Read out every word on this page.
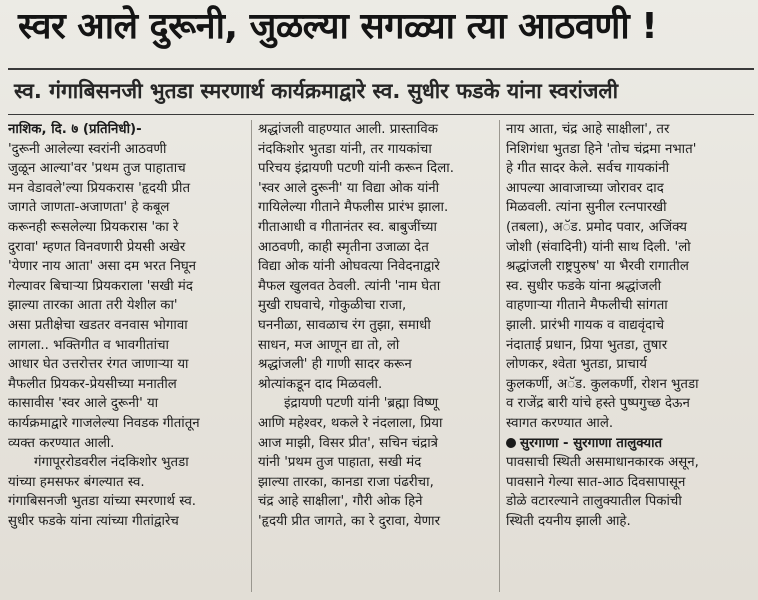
स्वर आले दुरूनी, जुळल्या सगळ्या त्या आठवणी !
स्व. गंगाबिसनजी भुतडा स्मरणार्थ कार्यक्रमाद्वारे स्व. सुधीर फडके यांना स्वरांजली
नाशिक, दि. ७ (प्रतिनिधी)-
'दुरूनी आलेल्या स्वरांनी आठवणी
जुळून आल्या'वर 'प्रथम तुज पाहाताच
मन वेडावले'ल्या प्रियकरास 'हृदयी प्रीत
जागते जाणता-अजाणता' हे कबूल
करूनही रूसलेल्या प्रियकरास 'का रे
दुरावा' म्हणत विनवणारी प्रेयसी अखेर
'येणार नाय आता' असा दम भरत निघून
गेल्यावर बिचाऱ्या प्रियकराला 'सखी मंद
झाल्या तारका आता तरी येशील का'
असा प्रतीक्षेचा खडतर वनवास भोगावा
लागला.. भक्तिगीत व भावगीतांचा
आधार घेत उत्तरोत्तर रंगत जाणाऱ्या या
मैफलीत प्रियकर-प्रेयसीच्या मनातील
कासावीस 'स्वर आले दुरूनी' या
कार्यक्रमाद्वारे गाजलेल्या निवडक गीतांतून
व्यक्त करण्यात आली.
गंगापूररोडवरील नंदकिशोर भुतडा
यांच्या हमसफर बंगल्यात स्व.
गंगाबिसनजी भुतडा यांच्या स्मरणार्थ स्व.
सुधीर फडके यांना त्यांच्या गीतांद्वारेच
श्रद्धांजली वाहण्यात आली. प्रास्ताविक
नंदकिशोर भुतडा यांनी, तर गायकांचा
परिचय इंद्रायणी पटणी यांनी करून दिला.
'स्वर आले दुरूनी' या विद्या ओक यांनी
गायिलेल्या गीताने मैफलीस प्रारंभ झाला.
गीताआधी व गीतानंतर स्व. बाबुजींच्या
आठवणी, काही स्मृतीना उजाळा देत
विद्या ओक यांनी ओघवत्या निवेदनाद्वारे
मैफल खुलवत ठेवली. त्यांनी 'नाम घेता
मुखी राघवाचे, गोकुळीचा राजा,
घननीळा, सावळाच रंग तुझा, समाधी
साधन, मज आणून द्या तो, लो
श्रद्धांजली' ही गाणी सादर करून
श्रोत्यांकडून दाद मिळवली.
इंद्रायणी पटणी यांनी 'ब्रह्मा विष्णू
आणि महेश्वर, थकले रे नंदलाला, प्रिया
आज माझी, विसर प्रीत', सचिन चंद्रात्रे
यांनी 'प्रथम तुज पाहाता, सखी मंद
झाल्या तारका, कानडा राजा पंढरीचा,
चंद्र आहे साक्षीला', गौरी ओक हिने
'हृदयी प्रीत जागते, का रे दुरावा, येणार
नाय आता, चंद्र आहे साक्षीला', तर
निशिगंधा भुतडा हिने 'तोच चंद्रमा नभात'
हे गीत सादर केले. सर्वच गायकांनी
आपल्या आवाजाच्या जोरावर दाद
मिळवली. त्यांना सुनील रत्नपारखी
(तबला), अॅड. प्रमोद पवार, अजिंक्य
जोशी (संवादिनी) यांनी साथ दिली. 'लो
श्रद्धांजली राष्ट्रपुरुष' या भैरवी रागातील
स्व. सुधीर फडके यांना श्रद्धांजली
वाहणाऱ्या गीताने मैफलीची सांगता
झाली. प्रारंभी गायक व वाद्यवृंदाचे
नंदाताई प्रधान, प्रिया भुतडा, तुषार
लोणकर, श्वेता भुतडा, प्राचार्य
कुलकर्णी, अॅड. कुलकर्णी, रोशन भुतडा
व राजेंद्र बारी यांचे हस्ते पुष्पगुच्छ देऊन
स्वागत करण्यात आले.
सुरगाणा - सुरगाणा तालुक्यात
पावसाची स्थिती असमाधानकारक असून,
पावसाने गेल्या सात-आठ दिवसापासून
डोळे वटारल्याने तालुक्यातील पिकांची
स्थिती दयनीय झाली आहे.
